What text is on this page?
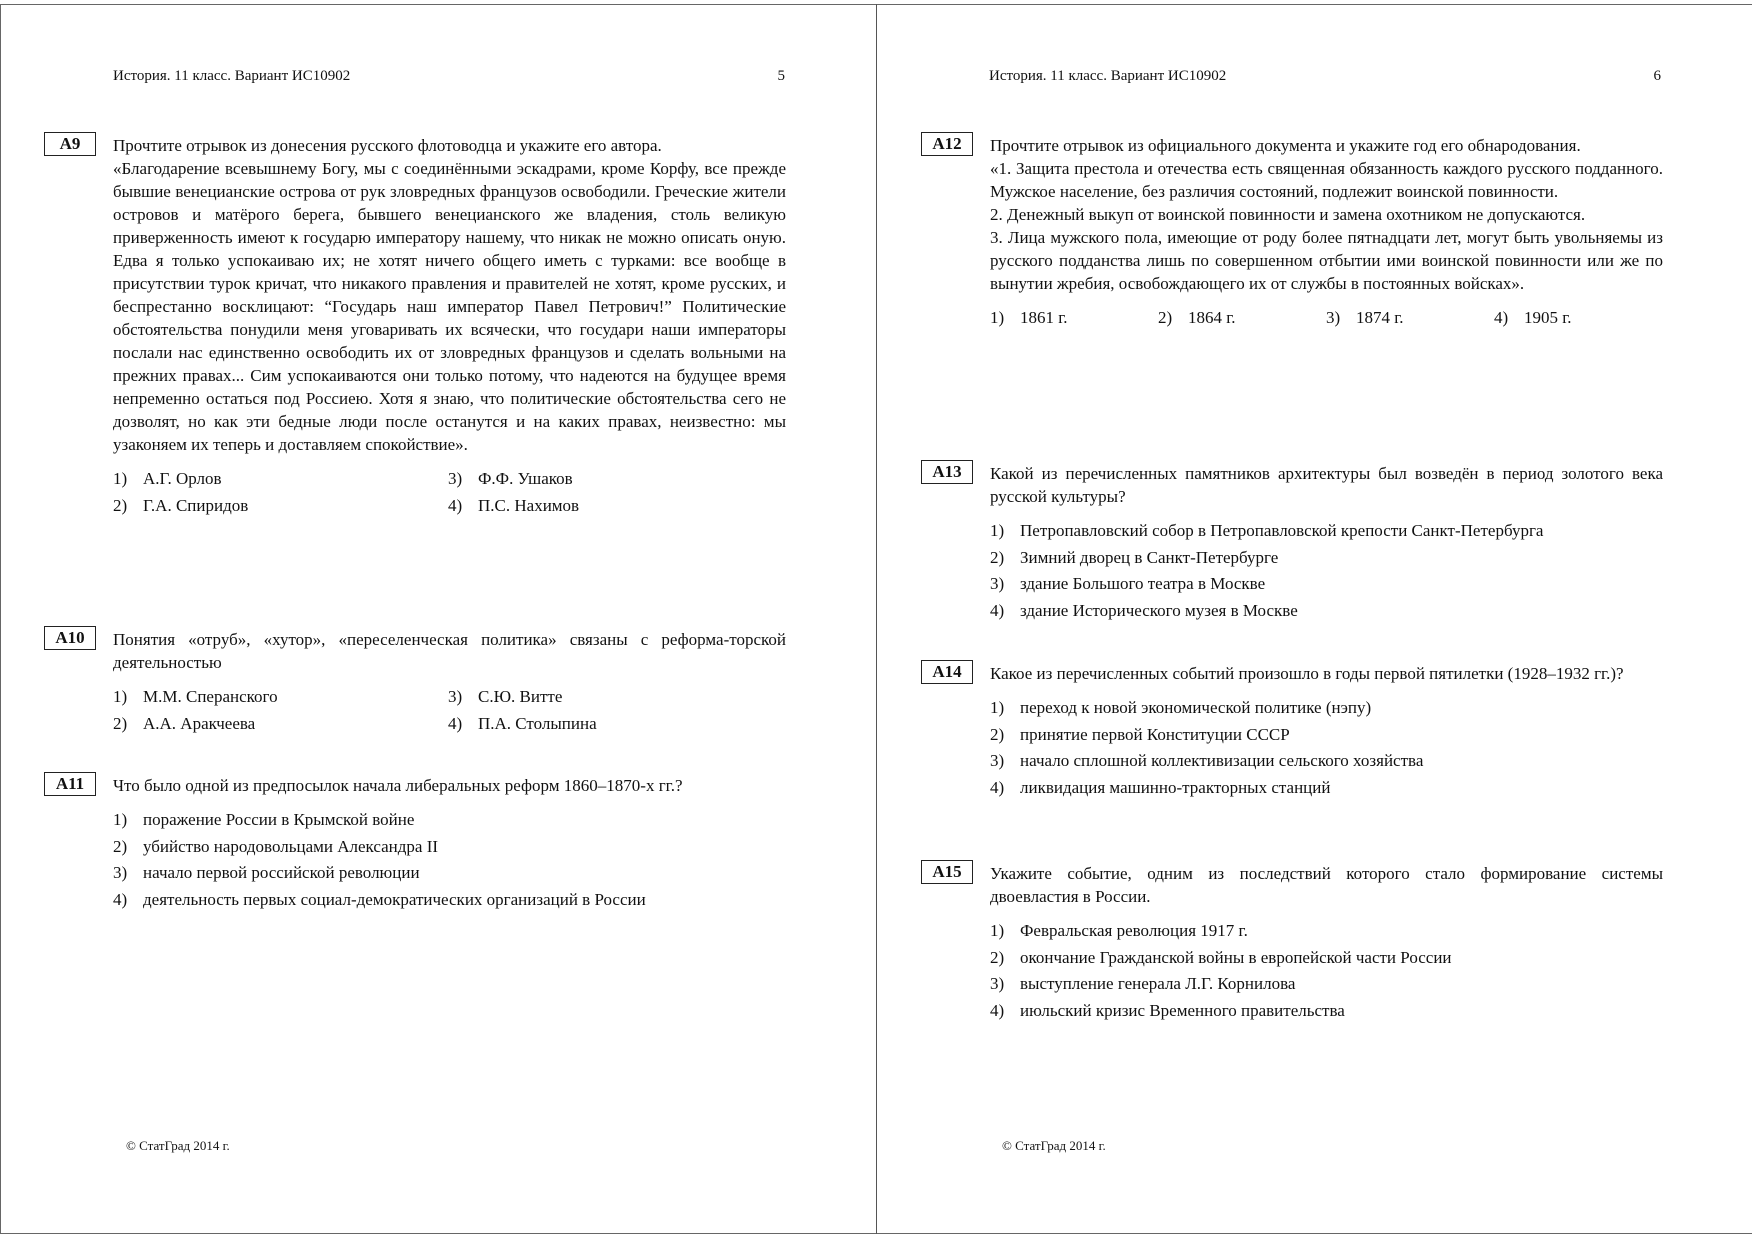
История. 11 класс. Вариант ИС10902	5
A9	Прочтите отрывок из донесения русского флотоводца и укажите его автора.

«Благодарение всевышнему Богу, мы с соединёнными эскадрами, кроме Корфу, все прежде бывшие венецианские острова от рук зловредных французов освободили. Греческие жители островов и матёрого берега, бывшего венецианского же владения, столь великую приверженность имеют к государю императору нашему, что никак не можно описать оную. Едва я только успокаиваю их; не хотят ничего общего иметь с турками: все вообще в присутствии турок кричат, что никакого правления и правителей не хотят, кроме русских, и беспрестанно восклицают: “Государь наш император Павел Петрович!” Политические обстоятельства понудили меня уговаривать их всячески, что государи наши императоры послали нас единственно освободить их от зловредных французов и сделать вольными на прежних правах... Сим успокаиваются они только потому, что надеются на будущее время непременно остаться под Россиею. Хотя я знаю, что политические обстоятельства сего не дозволят, но как эти бедные люди после останутся и на каких правах, неизвестно: мы узаконяем их теперь и доставляем спокойствие».

1) А.Г. Орлов	3) Ф.Ф. Ушаков
2) Г.А. Спиридов	4) П.С. Нахимов
A10	Понятия «отруб», «хутор», «переселенческая политика» связаны с реформа-торской деятельностью

1) М.М. Сперанского	3) С.Ю. Витте
2) А.А. Аракчеева	4) П.А. Столыпина
A11	Что было одной из предпосылок начала либеральных реформ 1860–1870-х гг.?

1) поражение России в Крымской войне
2) убийство народовольцами Александра II
3) начало первой российской революции
4) деятельность первых социал-демократических организаций в России
© СтатГрад 2014 г.
История. 11 класс. Вариант ИС10902	6
A12	Прочтите отрывок из официального документа и укажите год его обнародования.

«1. Защита престола и отечества есть священная обязанность каждого русского подданного. Мужское население, без различия состояний, подлежит воинской повинности.

2. Денежный выкуп от воинской повинности и замена охотником не допускаются.

3. Лица мужского пола, имеющие от роду более пятнадцати лет, могут быть увольняемы из русского подданства лишь по совершенном отбытии ими воинской повинности или же по вынутии жребия, освобождающего их от службы в постоянных войсках».

1) 1861 г.	2) 1864 г.	3) 1874 г.	4) 1905 г.
A13	Какой из перечисленных памятников архитектуры был возведён в период золотого века русской культуры?

1) Петропавловский собор в Петропавловской крепости Санкт-Петербурга
2) Зимний дворец в Санкт-Петербурге
3) здание Большого театра в Москве
4) здание Исторического музея в Москве
A14	Какое из перечисленных событий произошло в годы первой пятилетки (1928–1932 гг.)?

1) переход к новой экономической политике (нэпу)
2) принятие первой Конституции СССР
3) начало сплошной коллективизации сельского хозяйства
4) ликвидация машинно-тракторных станций
A15	Укажите событие, одним из последствий которого стало формирование системы двоевластия в России.

1) Февральская революция 1917 г.
2) окончание Гражданской войны в европейской части России
3) выступление генерала Л.Г. Корнилова
4) июльский кризис Временного правительства
© СтатГрад 2014 г.
